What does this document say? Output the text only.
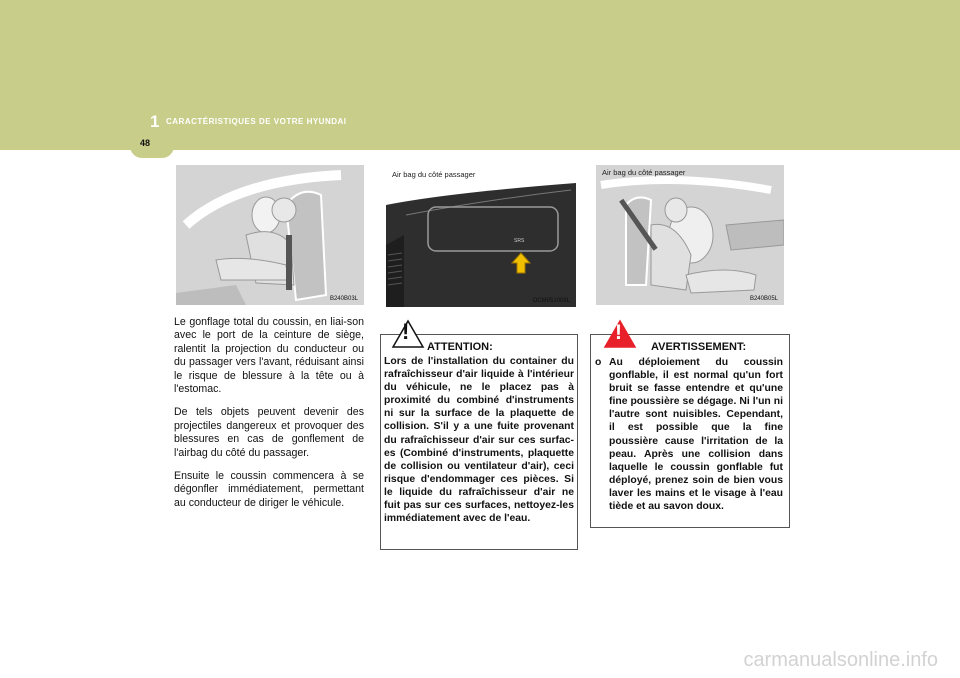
1 CARACTÉRISTIQUES DE VOTRE HYUNDAI
48
B240B03L
Air bag du côté passager
SRS
OCM051009L
Air bag du côté passager
B240B05L

Le gonflage total du coussin, en liai-son avec le port de la ceinture de siège, ralentit la projection du conducteur ou du passager vers l'avant, réduisant ainsi le risque de blessure à la tête ou à l'estomac.

De tels objets peuvent devenir des projectiles dangereux et provoquer des blessures en cas de gonflement de l'airbag du côté du passager.

Ensuite le coussin commencera à se dégonfler immédiatement, permettant au conducteur de diriger le véhicule.

!
ATTENTION:
Lors de l'installation du container du rafraîchisseur d'air liquide à l'intérieur du véhicule, ne le placez pas à proximité du combiné d'instruments ni sur la surface de la plaquette de collision. S'il y a une fuite provenant du rafraîchisseur d'air sur ces surfac-es (Combiné d'instruments, plaquette de collision ou ventilateur d'air), ceci risque d'endommager ces pièces. Si le liquide du rafraîchisseur d'air ne fuit pas sur ces surfaces, nettoyez-les immédiatement avec de l'eau.
!
AVERTISSEMENT:
o Au déploiement du coussin gonflable, il est normal qu'un fort bruit se fasse entendre et qu'une fine poussière se dégage. Ni l'un ni l'autre sont nuisibles. Cependant, il est possible que la fine poussière cause l'irritation de la peau. Après une collision dans laquelle le coussin gonflable fut déployé, prenez soin de bien vous laver les mains et le visage à l'eau tiède et au savon doux.
carmanualsonline.info
